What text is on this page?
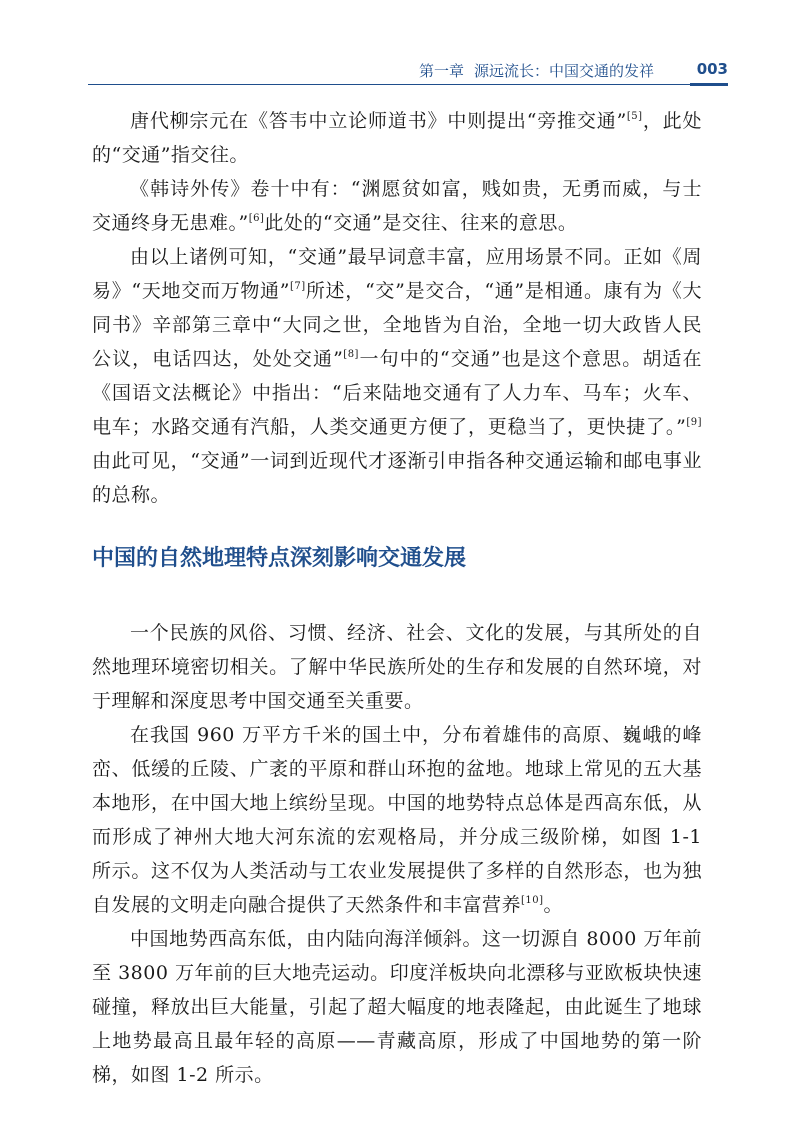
第一章 源远流长：中国交通的发祥	003

唐代柳宗元在《答韦中立论师道书》中则提出“旁推交通”[5]，此处的“交通”指交往。

《韩诗外传》卷十中有：“渊愿贫如富，贱如贵，无勇而威，与士交通终身无患难。”[6]此处的“交通”是交往、往来的意思。

由以上诸例可知，“交通”最早词意丰富，应用场景不同。正如《周易》“天地交而万物通”[7]所述，“交”是交合，“通”是相通。康有为《大同书》辛部第三章中“大同之世，全地皆为自治，全地一切大政皆人民公议，电话四达，处处交通”[8]一句中的“交通”也是这个意思。胡适在《国语文法概论》中指出：“后来陆地交通有了人力车、马车；火车、电车；水路交通有汽船，人类交通更方便了，更稳当了，更快捷了。”[9]由此可见，“交通”一词到近现代才逐渐引申指各种交通运输和邮电事业的总称。

中国的自然地理特点深刻影响交通发展

一个民族的风俗、习惯、经济、社会、文化的发展，与其所处的自然地理环境密切相关。了解中华民族所处的生存和发展的自然环境，对于理解和深度思考中国交通至关重要。

在我国 960 万平方千米的国土中，分布着雄伟的高原、巍峨的峰峦、低缓的丘陵、广袤的平原和群山环抱的盆地。地球上常见的五大基本地形，在中国大地上缤纷呈现。中国的地势特点总体是西高东低，从而形成了神州大地大河东流的宏观格局，并分成三级阶梯，如图 1-1 所示。这不仅为人类活动与工农业发展提供了多样的自然形态，也为独自发展的文明走向融合提供了天然条件和丰富营养[10]。

中国地势西高东低，由内陆向海洋倾斜。这一切源自 8000 万年前至 3800 万年前的巨大地壳运动。印度洋板块向北漂移与亚欧板块快速碰撞，释放出巨大能量，引起了超大幅度的地表隆起，由此诞生了地球上地势最高且最年轻的高原——青藏高原，形成了中国地势的第一阶梯，如图 1-2 所示。
